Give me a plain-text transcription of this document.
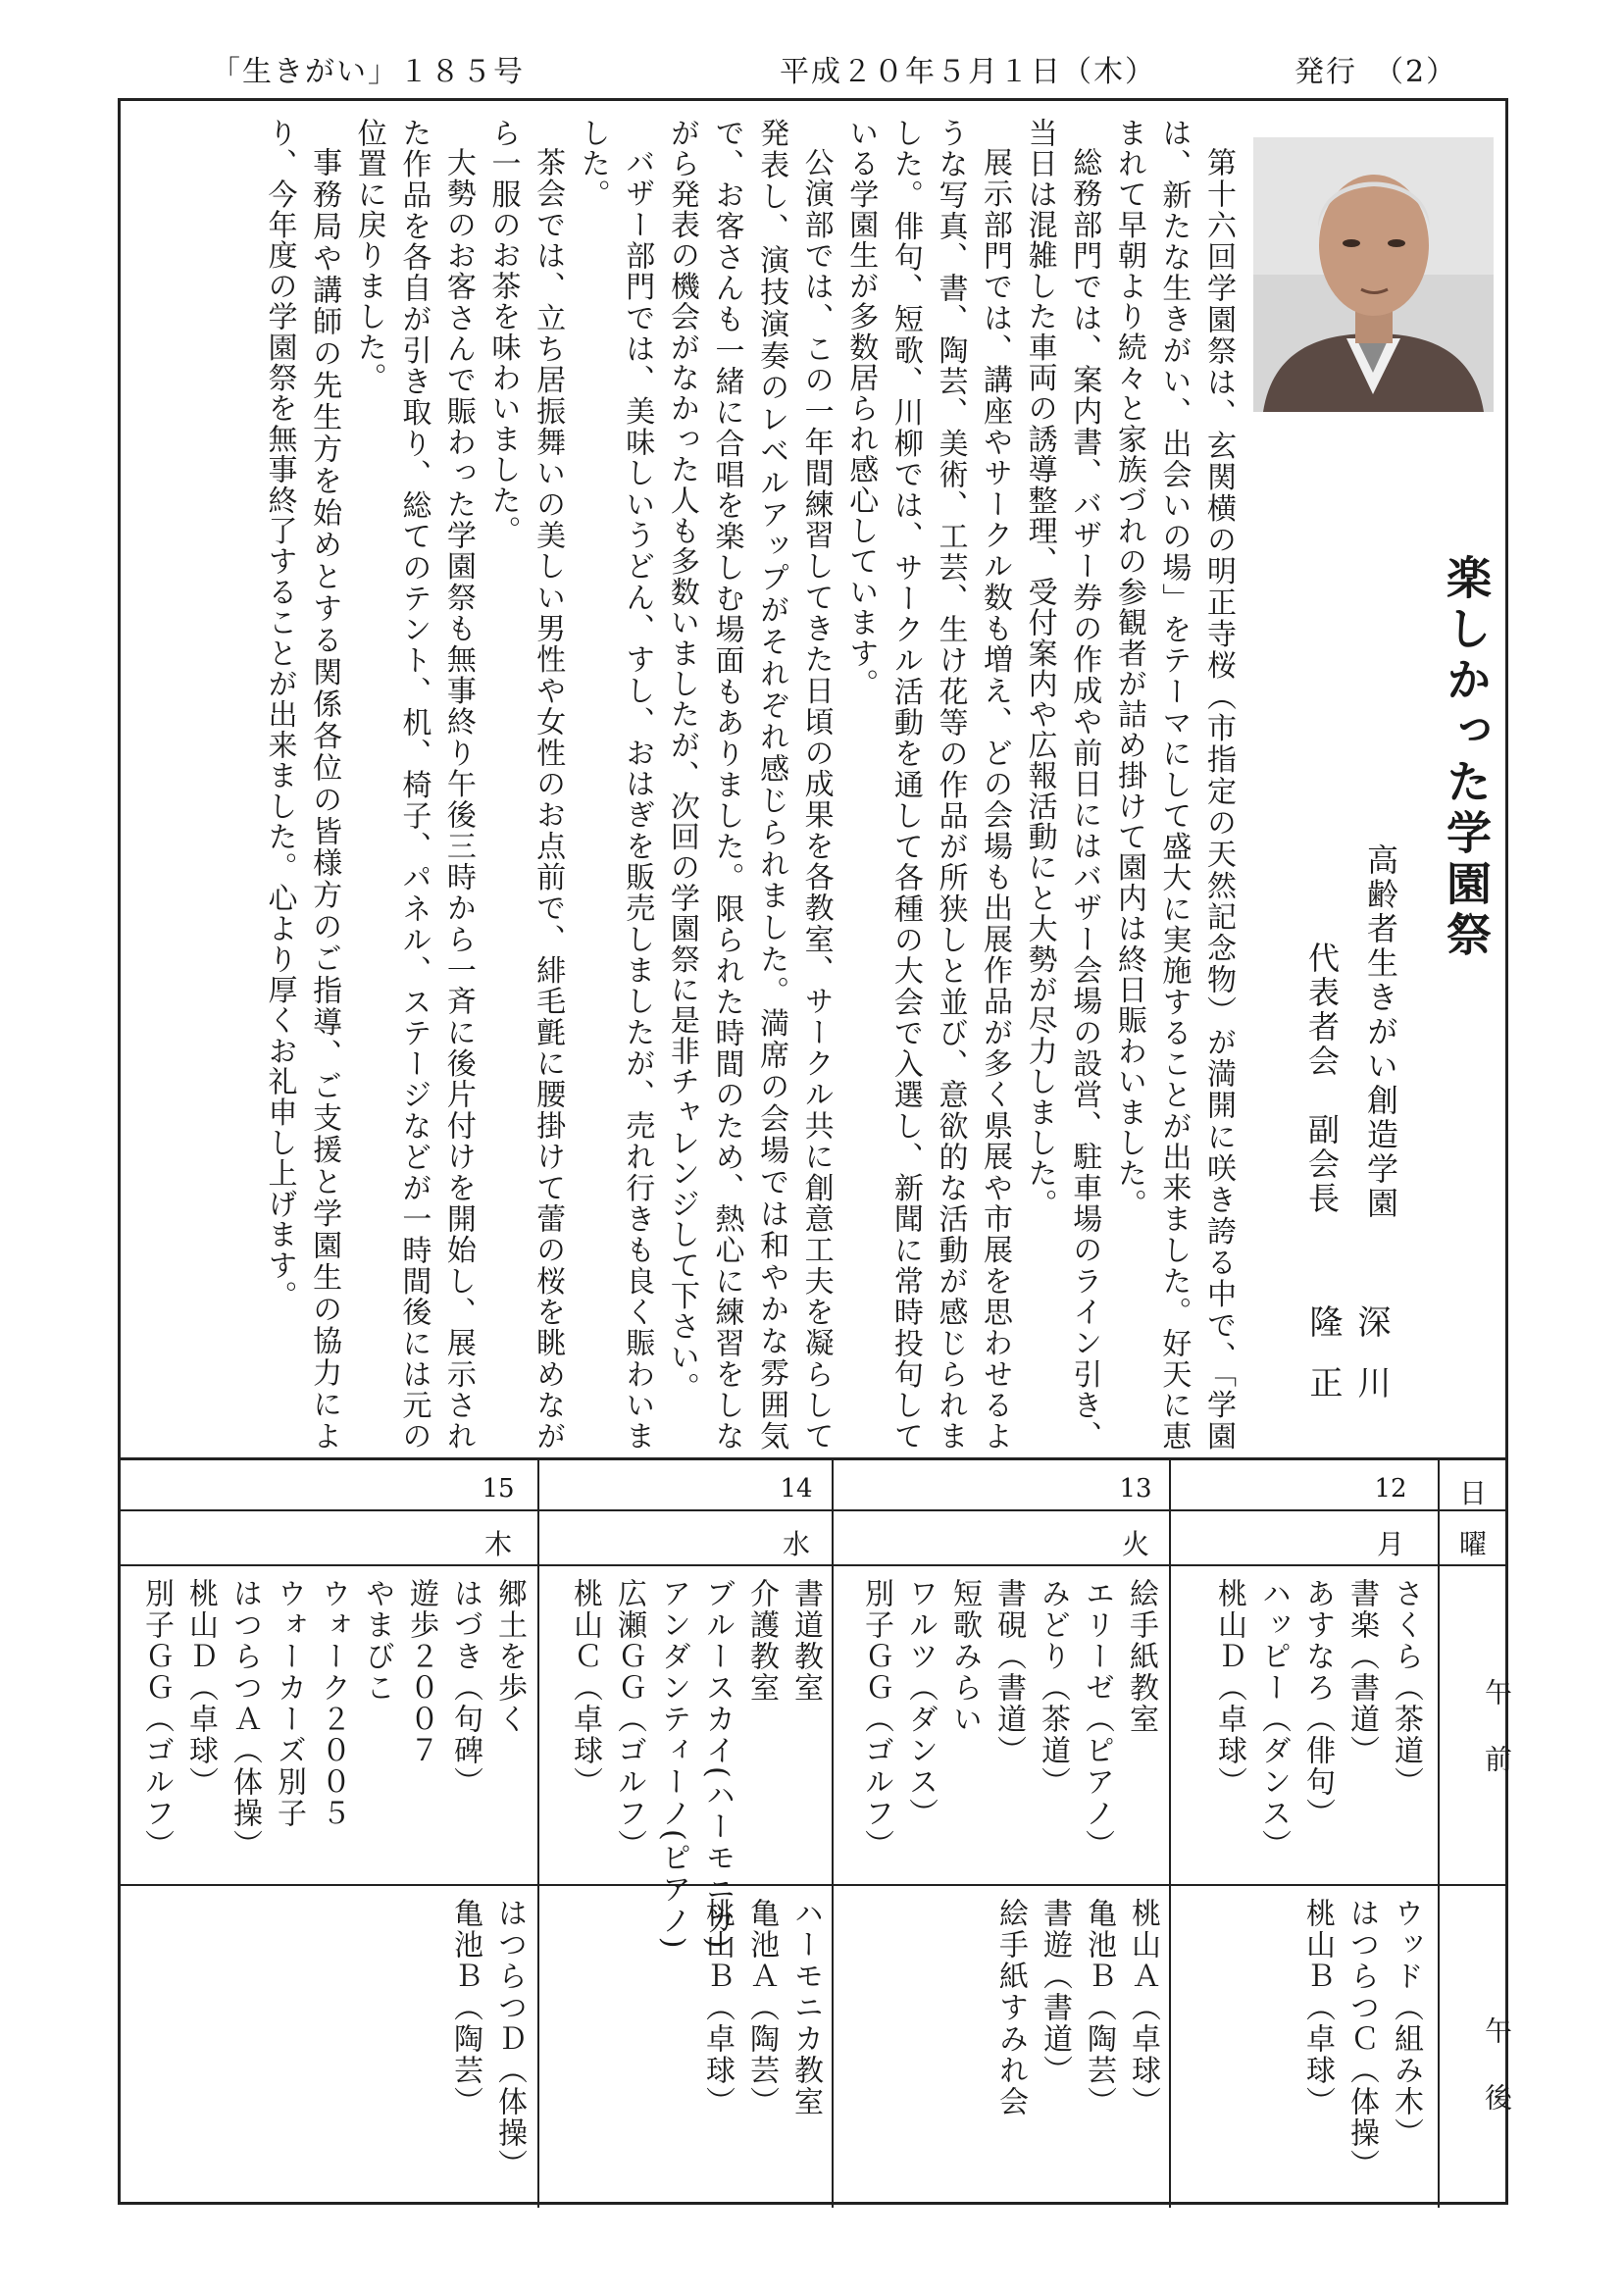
「生きがい」１８５号	平成２０年５月１日（木）	発行　（2）
楽しかった学園祭
高齢者生きがい創造学園
代表者会　副会長
深川隆正

第十六回学園祭は、玄関横の明正寺桜（市指定の天然記念物）が満開に咲き誇る中で、「学園は、新たな生きがい、出会いの場」をテーマにして盛大に実施することが出来ました。好天に恵まれて早朝より続々と家族づれの参観者が詰め掛けて園内は終日賑わいました。

総務部門では、案内書、バザー券の作成や前日にはバザー会場の設営、駐車場のライン引き、当日は混雑した車両の誘導整理、受付案内や広報活動にと大勢が尽力しました。

展示部門では、講座やサークル数も増え、どの会場も出展作品が多く県展や市展を思わせるような写真、書、陶芸、美術、工芸、生け花等の作品が所狭しと並び、意欲的な活動が感じられました。俳句、短歌、川柳では、サークル活動を通して各種の大会で入選し、新聞に常時投句している学園生が多数居られ感心しています。

公演部では、この一年間練習してきた日頃の成果を各教室、サークル共に創意工夫を凝らして発表し、演技演奏のレベルアップがそれぞれ感じられました。満席の会場では和やかな雰囲気で、お客さんも一緒に合唱を楽しむ場面もありました。限られた時間のため、熱心に練習をしながら発表の機会がなかった人も多数いましたが、次回の学園祭に是非チャレンジして下さい。

バザー部門では、美味しいうどん、すし、おはぎを販売しましたが、売れ行きも良く賑わいました。

茶会では、立ち居振舞いの美しい男性や女性のお点前で、緋毛氈に腰掛けて蕾の桜を眺めながら一服のお茶を味わいました。

大勢のお客さんで賑わった学園祭も無事終り午後三時から一斉に後片付けを開始し、展示された作品を各自が引き取り、総てのテント、机、椅子、パネル、ステージなどが一時間後には元の位置に戻りました。

事務局や講師の先生方を始めとする関係各位の皆様方のご指導、ご支援と学園生の協力により、今年度の学園祭を無事終了することが出来ました。心より厚くお礼申し上げます。

日
曜
午前
午後
12
13
14
15
月
火
水
木
さくら（茶道）
書楽（書道）
あすなろ（俳句）
ハッピー（ダンス）
桃山Ｄ（卓球）
ウッド（組み木）
はつらつＣ（体操）
桃山Ｂ（卓球）
絵手紙教室
エリーゼ（ピアノ）
みどり（茶道）
書硯（書道）
短歌みらい
ワルツ（ダンス）
別子ＧＧ（ゴルフ）
桃山Ａ（卓球）
亀池Ｂ（陶芸）
書遊（書道）
絵手紙すみれ会
書道教室
介護教室
ブルースカイ(ハーモニカ)
アンダンティーノ(ピアノ)
広瀬ＧＧ（ゴルフ）
桃山Ｃ（卓球）
ハーモニカ教室
亀池Ａ（陶芸）
桃山Ｂ（卓球）
郷土を歩く
はづき（句碑）
遊歩２００７
やまびこ
ウォーク２００５
ウォーカーズ別子
はつらつＡ（体操）
桃山Ｄ（卓球）
別子ＧＧ（ゴルフ）
はつらつＤ（体操）
亀池Ｂ（陶芸）
